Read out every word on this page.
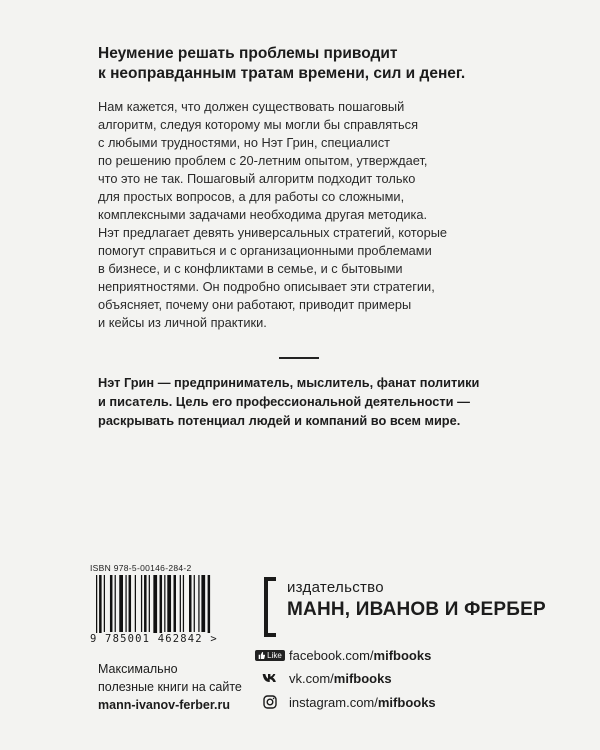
Неумение решать проблемы приводит
к неоправданным тратам времени, сил и денег.
Нам кажется, что должен существовать пошаговый
алгоритм, следуя которому мы могли бы справляться
с любыми трудностями, но Нэт Грин, специалист
по решению проблем с 20-летним опытом, утверждает,
что это не так. Пошаговый алгоритм подходит только
для простых вопросов, а для работы со сложными,
комплексными задачами необходима другая методика.
Нэт предлагает девять универсальных стратегий, которые
помогут справиться и с организационными проблемами
в бизнесе, и с конфликтами в семье, и с бытовыми
неприятностями. Он подробно описывает эти стратегии,
объясняет, почему они работают, приводит примеры
и кейсы из личной практики.
Нэт Грин — предприниматель, мыслитель, фанат политики
и писатель. Цель его профессиональной деятельности —
раскрывать потенциал людей и компаний во всем мире.
ISBN 978-5-00146-284-2
9 785001 462842 >
издательство
МАНН, ИВАНОВ И ФЕРБЕР
Максимально
полезные книги на сайте
mann-ivanov-ferber.ru
Like facebook.com/ mifbooks
vk.com/ mifbooks
instagram.com/ mifbooks
